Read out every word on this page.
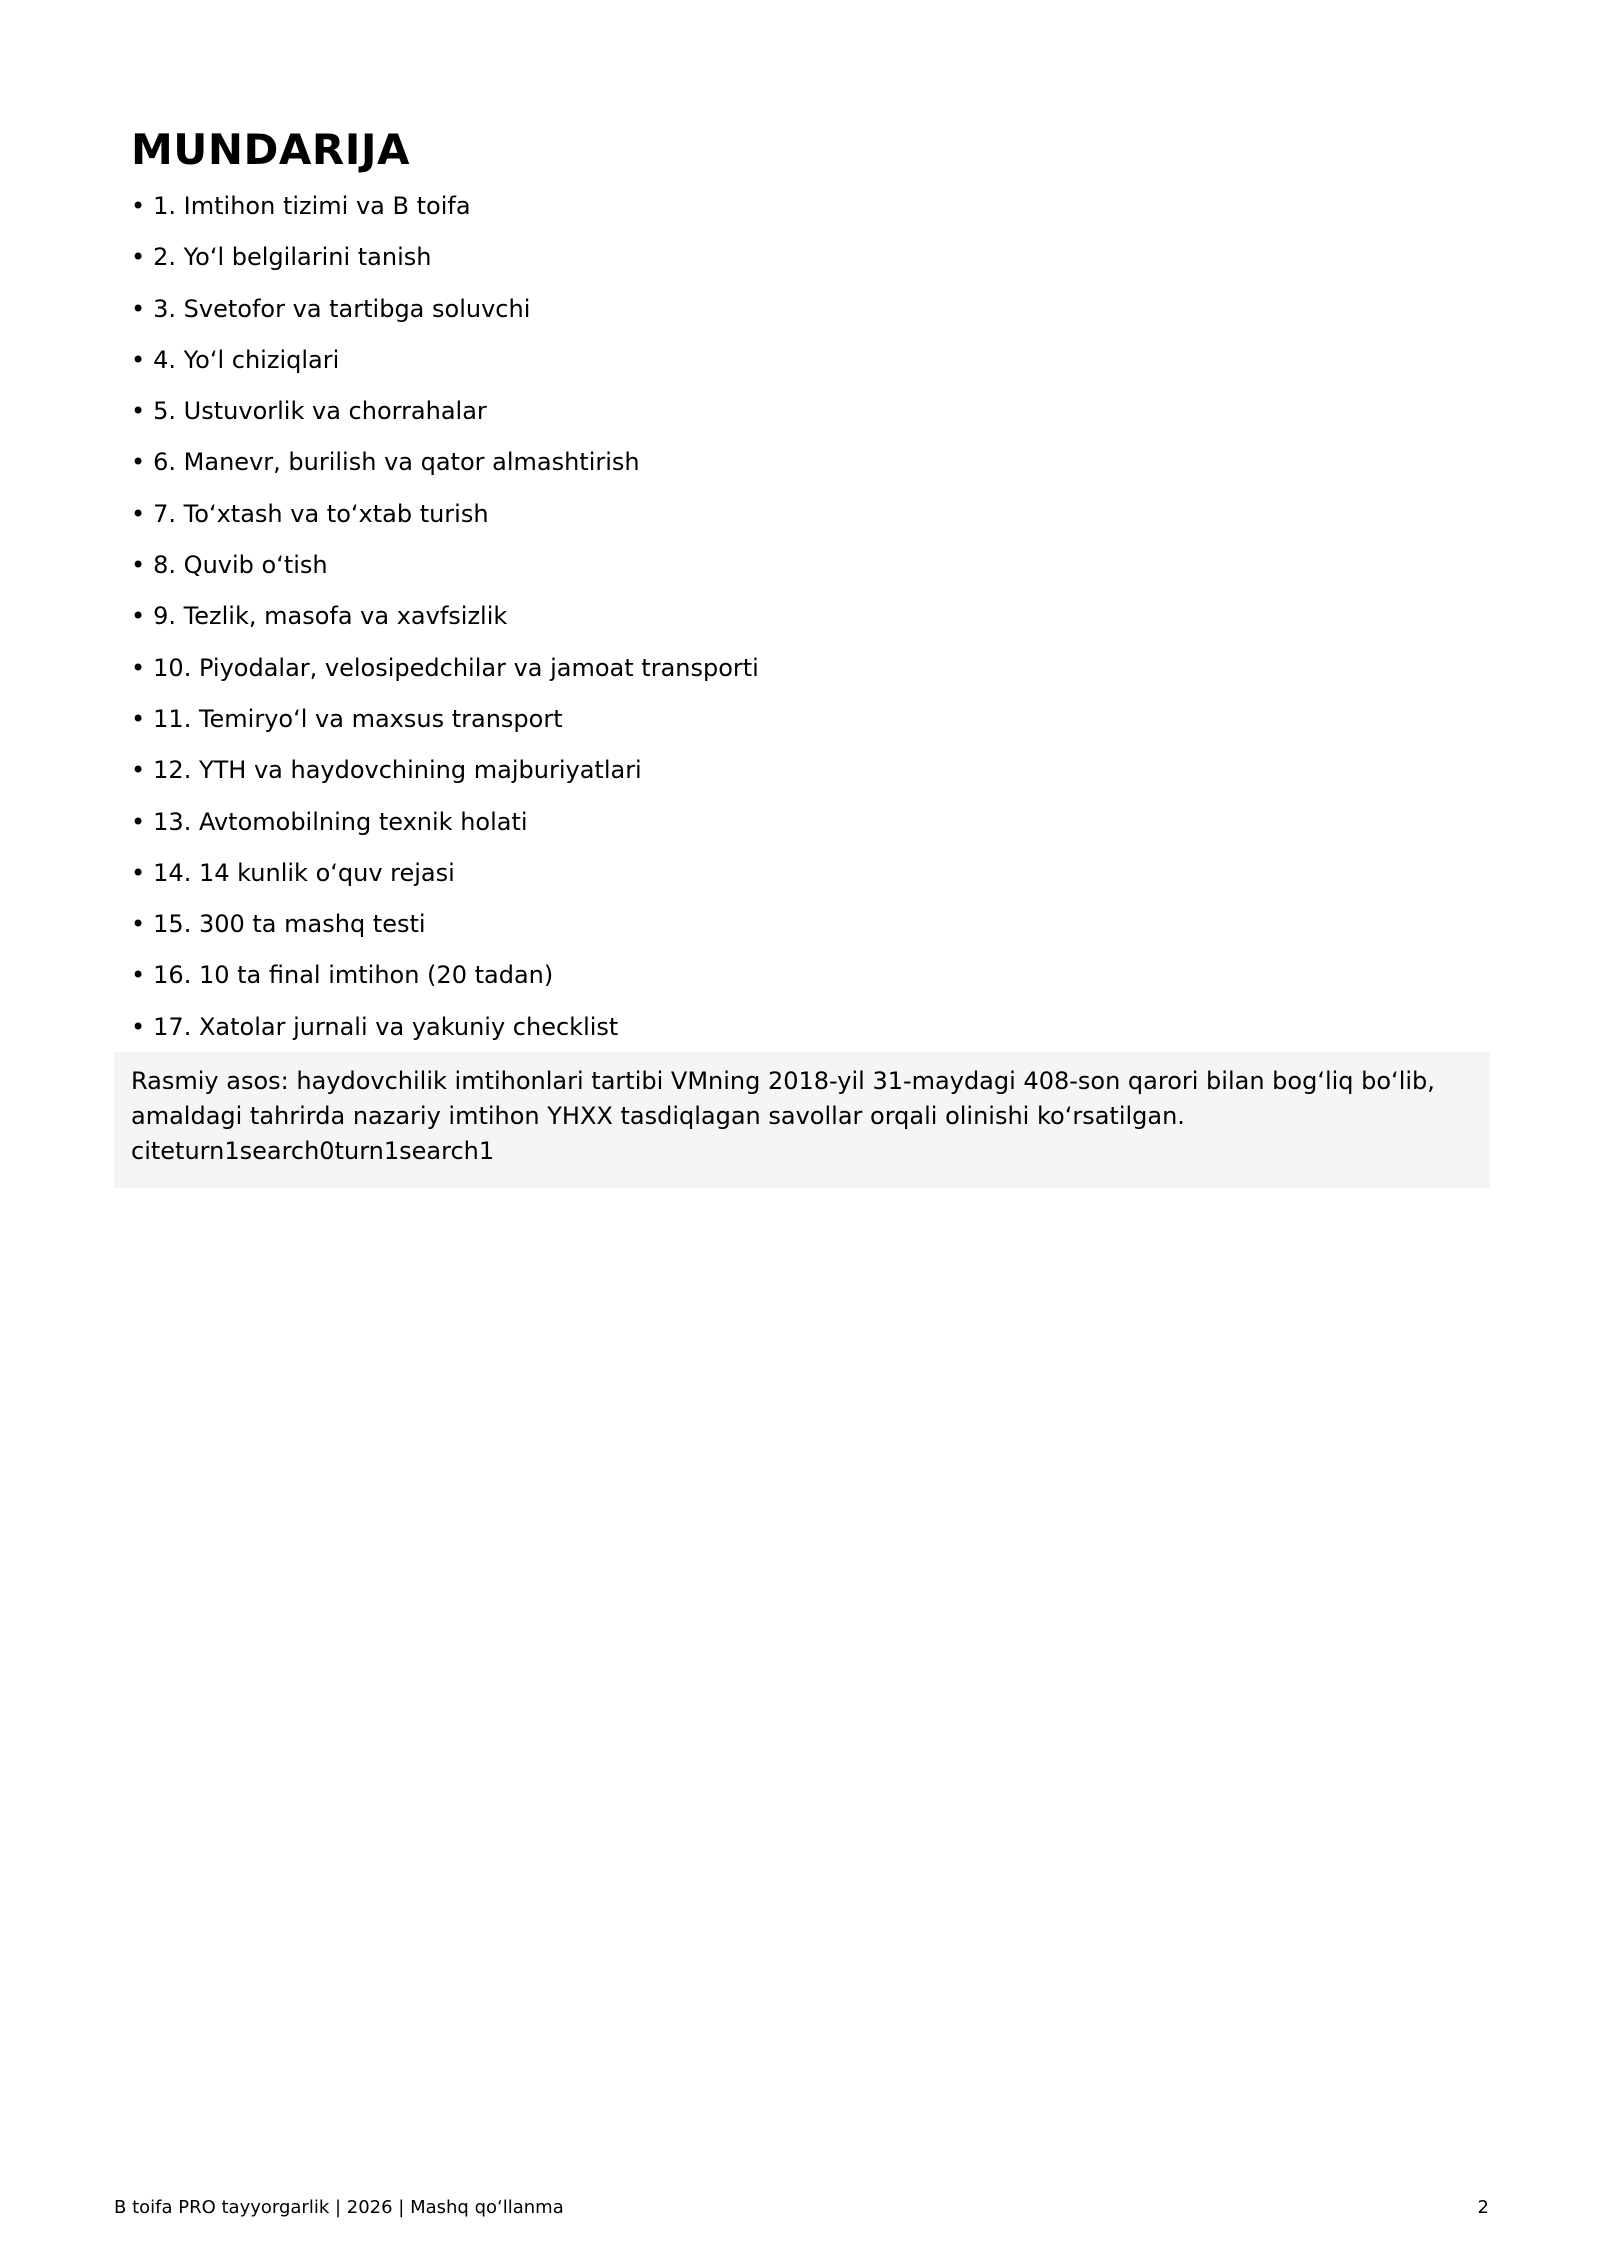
MUNDARIJA
• 1. Imtihon tizimi va B toifa
• 2. Yo‘l belgilarini tanish
• 3. Svetofor va tartibga soluvchi
• 4. Yo‘l chiziqlari
• 5. Ustuvorlik va chorrahalar
• 6. Manevr, burilish va qator almashtirish
• 7. To‘xtash va to‘xtab turish
• 8. Quvib o‘tish
• 9. Tezlik, masofa va xavfsizlik
• 10. Piyodalar, velosipedchilar va jamoat transporti
• 11. Temiryo‘l va maxsus transport
• 12. YTH va haydovchining majburiyatlari
• 13. Avtomobilning texnik holati
• 14. 14 kunlik o‘quv rejasi
• 15. 300 ta mashq testi
• 16. 10 ta final imtihon (20 tadan)
• 17. Xatolar jurnali va yakuniy checklist

Rasmiy asos: haydovchilik imtihonlari tartibi VMning 2018-yil 31-maydagi 408-son qarori bilan bog‘liq bo‘lib,

amaldagi tahrirda nazariy imtihon YHXX tasdiqlagan savollar orqali olinishi ko‘rsatilgan.

citeturn1search0turn1search1

B toifa PRO tayyorgarlik | 2026 | Mashq qo‘llanma	2
